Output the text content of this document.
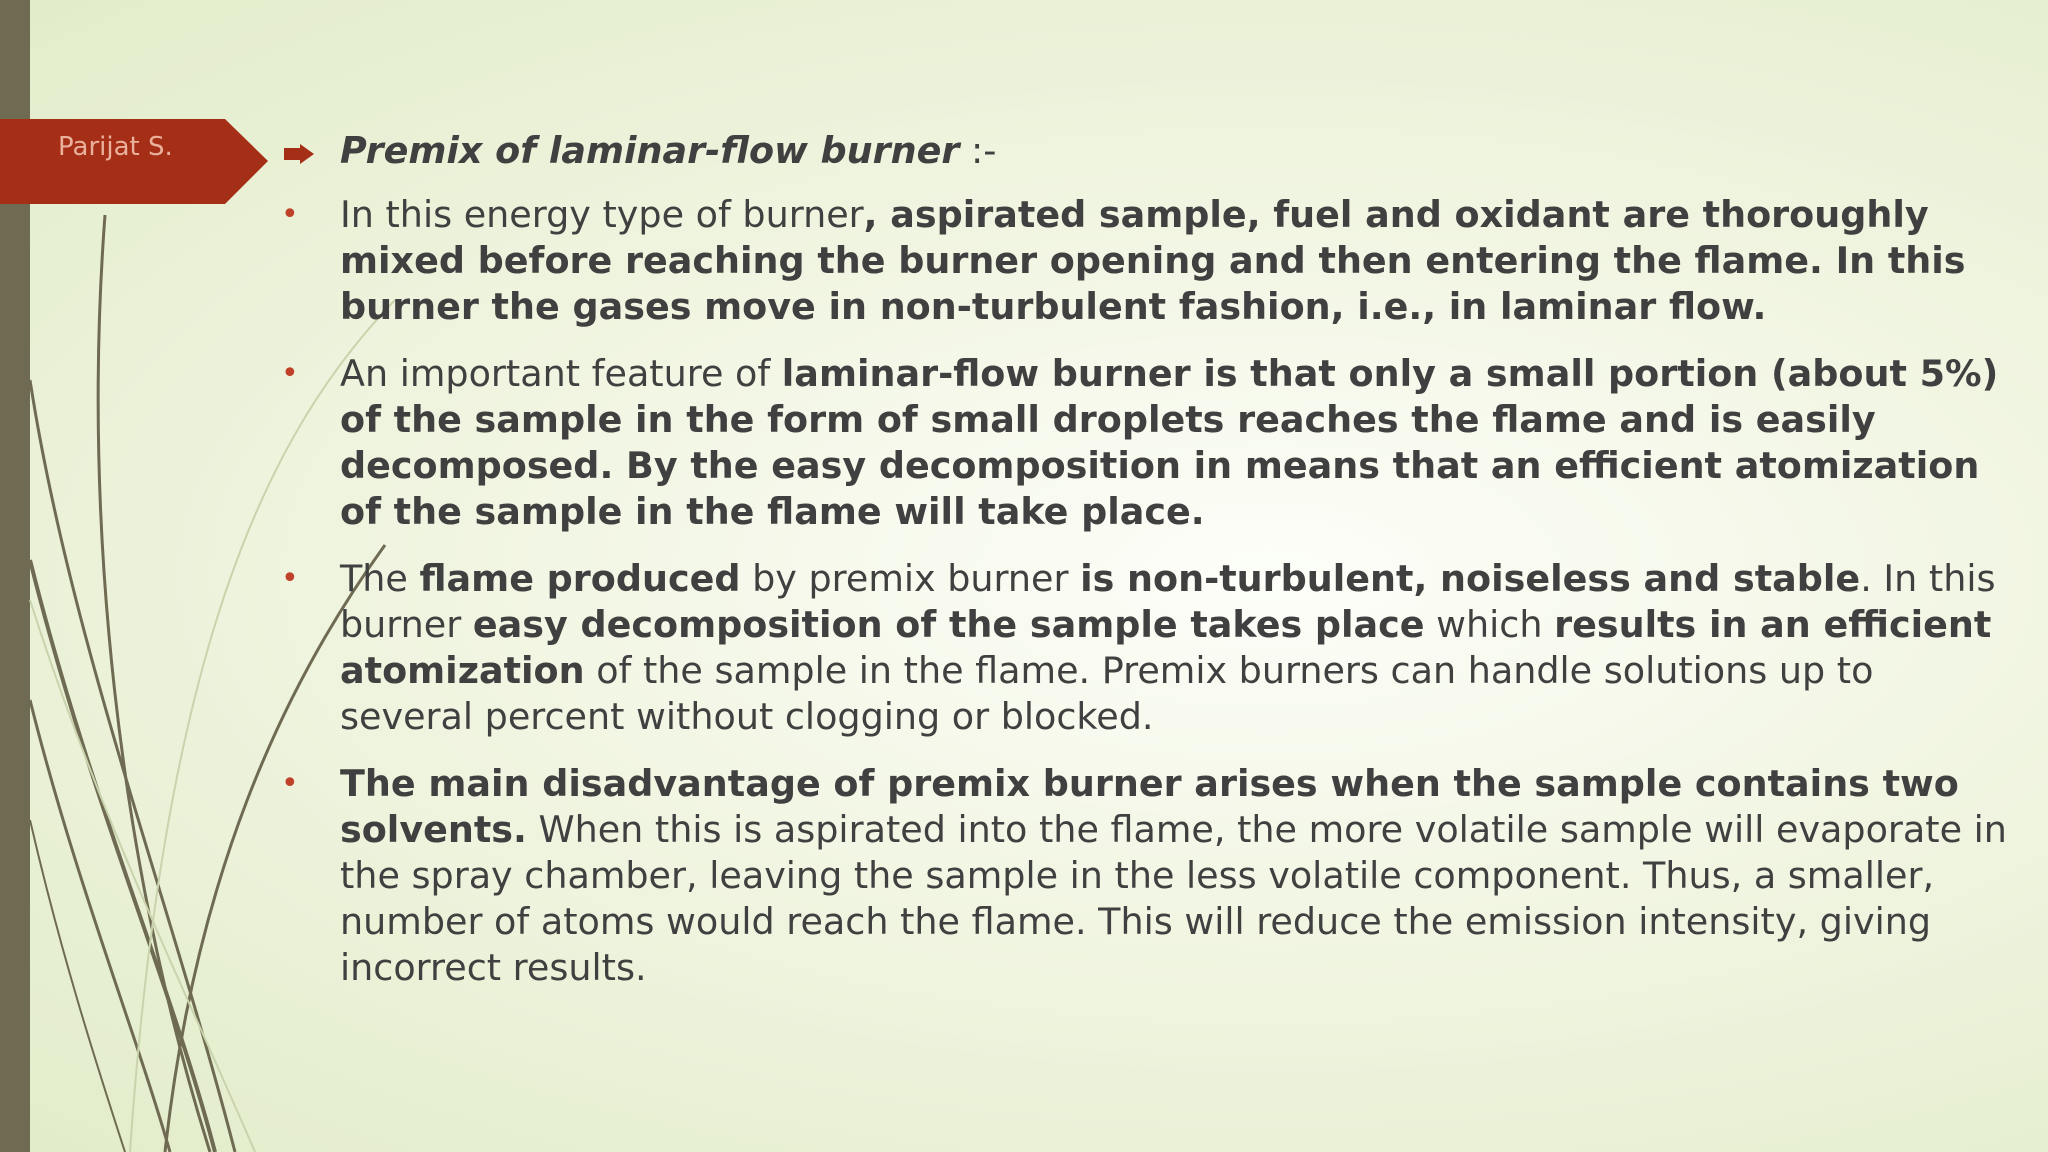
Parijat S.	Premix of laminar-flow burner :-
• In this energy type of burner, aspirated sample, fuel and oxidant are thoroughly mixed before reaching the burner opening and then entering the flame. In this burner the gases move in non-turbulent fashion, i.e., in laminar flow.
• An important feature of laminar-flow burner is that only a small portion (about 5%) of the sample in the form of small droplets reaches the flame and is easily decomposed. By the easy decomposition in means that an efficient atomization of the sample in the flame will take place.
• The flame produced by premix burner is non-turbulent, noiseless and stable. In this burner easy decomposition of the sample takes place which results in an efficient atomization of the sample in the flame. Premix burners can handle solutions up to several percent without clogging or blocked.
• The main disadvantage of premix burner arises when the sample contains two solvents. When this is aspirated into the flame, the more volatile sample will evaporate in the spray chamber, leaving the sample in the less volatile component. Thus, a smaller, number of atoms would reach the flame. This will reduce the emission intensity, giving incorrect results.
